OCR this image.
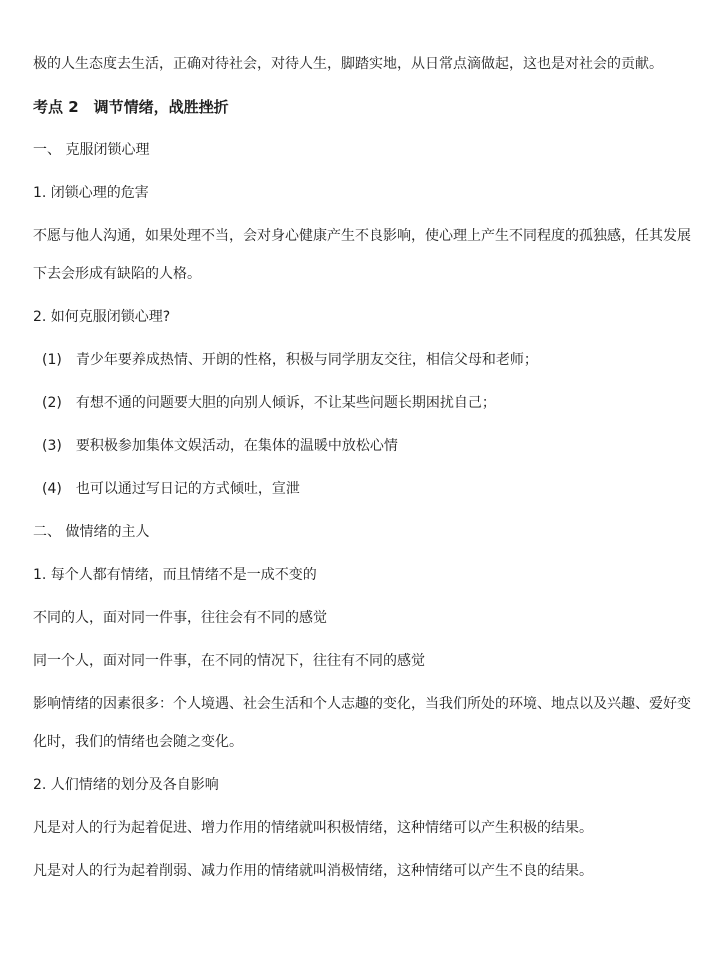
极的人生态度去生活，正确对待社会，对待人生，脚踏实地，从日常点滴做起，这也是对社会的贡献。

考点 2　调节情绪，战胜挫折

一、 克服闭锁心理

1. 闭锁心理的危害

不愿与他人沟通，如果处理不当，会对身心健康产生不良影响，使心理上产生不同程度的孤独感，任其发展
下去会形成有缺陷的人格。

2. 如何克服闭锁心理?

(1)　青少年要养成热情、开朗的性格，积极与同学朋友交往，相信父母和老师；

(2)　有想不通的问题要大胆的向别人倾诉，不让某些问题长期困扰自己；

(3)　要积极参加集体文娱活动，在集体的温暖中放松心情

(4)　也可以通过写日记的方式倾吐，宣泄

二、 做情绪的主人

1. 每个人都有情绪，而且情绪不是一成不变的

不同的人，面对同一件事，往往会有不同的感觉

同一个人，面对同一件事，在不同的情况下，往往有不同的感觉

影响情绪的因素很多：个人境遇、社会生活和个人志趣的变化，当我们所处的环境、地点以及兴趣、爱好变
化时，我们的情绪也会随之变化。

2. 人们情绪的划分及各自影响

凡是对人的行为起着促进、增力作用的情绪就叫积极情绪，这种情绪可以产生积极的结果。

凡是对人的行为起着削弱、减力作用的情绪就叫消极情绪，这种情绪可以产生不良的结果。
